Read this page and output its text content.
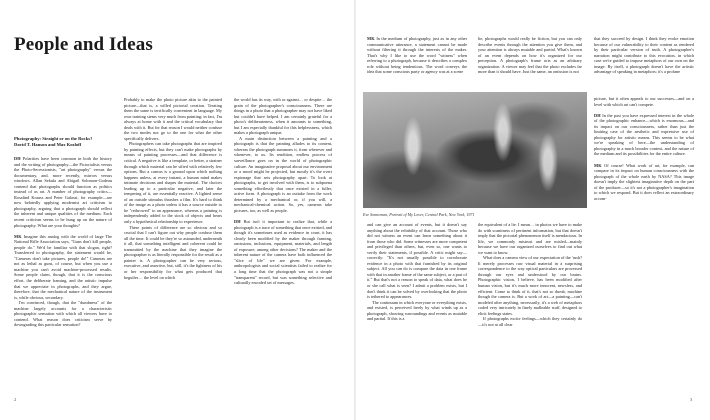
People and Ideas
Photography: Straight or on the Rocks?
David T. Hanson and Max Kozloff

DH Polarities have been common in both the history and the writing of photography—the Pictorialists versus the Photo-Secessionists, "art photography" versus the documentary, and, more recently, mirrors versus windows. Allan Sekula and Abigail Solomon-Godeau contend that photographs should function as politics instead of as art. A number of photography critics—Rosalind Krauss and Peter Galassi, for example—are now belatedly applying modernist art criticism to photography, arguing that a photograph should reflect the inherent and unique qualities of the medium. Each recent criticism seems to be hung up on the nature of photography. What are your thoughts?

MK Imagine this analog with the world of large The National Rifle Association says, "Guns don't kill people, people do." We'd be familiar with that slogan, right? Transferred to photography, the statement would be, "Cameras don't take pictures, people do!" Cameras are not as lethal as guns, of course, but when you use a machine you can't avoid machine-processed results. Some people claim, though, that it is the conscious effort, the deliberate framing, and the artistic impulse that we appreciate in photographs, and they argue, therefore, that the mechanical nature of the instrument is, while obvious, secondary.

I'm convinced, though, that the "dumbness" of the machine largely accounts for a characteristic photographic sensation with which all viewers have to contend. What reason does criticism serve by downgrading this particular sensation?

Probably to make the photo picture akin to the painted picture—that is, a willed pictorial creation. Treating them the same is terrifically convenient in language. My own training stems very much from painting; in fact, I'm always at home with it and the critical vocabulary that deals with it. But for that reason I would neither confuse the two modes nor go to the one for what the other specifically delivers.

Photographers can take photographs that are inspired by painting effects, but they can't make photographs by means of painting processes—and that difference is critical. A negative is like a template, or better, a strainer through which material can be sifted with relatively few options. But a canvas is a ground upon which nothing happens unless, at every instant, a human mind makes intimate decisions and shapes the material. The choices leading up to a particular negative, and later the tempering of it, are essentially reactive. A lighted sense of an outside stimulus thrashes a film. It's hard to think of the image as a photo unless it has a source outside to be "rethrowed" to an appearance, whereas a painting is independently added to the stock of objects and bears only a hypothetical relationship to experience.

These points of difference are so obvious and so crucial that I can't figure out why people confuse them all the time. It could be they're so astounded, underneath it all, that something intelligent and coherent could be transmitted by the machine that they imagine the photographer is as literally responsible for the result as a painter is. A photographer can be very serious, executive, and assertive, but, still, it's the lightness of his or her responsibility for what gets produced that beguiles… the level on which

the world has its way, with or against… or despite… the grain of the photographer's consciousness. There are things in a photo that a photographer may not have liked but couldn't have helped. I am certainly grateful for a photo's deliberateness, when it amounts to something, but I am especially thankful for this helplessness, which makes a photograph unique.

A main distinction between a painting and a photograph is that the painting alludes to its content, whereas the photograph summons it, from wherever and whenever, to us. Its rendition, endless process of surveillance goes on in the world of photographic culture. An imaginative proposal about our environment or a mood might be projected, but mostly it's the overt espionage that sets photography apart. To look at photographs, to get involved with them, is to subpoena something effortlessly that once existed in a fuller, active form. A photograph is an outtake from the work determined by a mechanical or, if you will, a mechanical-chemical action. So, yes, cameras take pictures, too, as well as people.

DH But isn't it important to realize that, while a photograph is a trace of something that once existed, and though it's sometimes used as evidence in court, it has clearly been modified by the maker through framing, omissions, inclusions, equipment, materials, and length of exposure, among other decisions? The maker and the inherent nature of the camera have both influenced the "slice of life" we are given. For example, anthropologists and social scientists failed to realize for a long time that the photograph was not a simple "transparent" record, but was something selective and culturally encoded set of messages.

MK In the medium of photography, just as in any other communicative utterance, a statement cannot be made without filtering it through the interests of the maker. That's why I like to use the word "witness" when referring to a photograph, because it describes a complex role without being tendentious. The word conveys the idea that some conscious party or agency was at a scene

lie, photographs would really be fiction, but you can only describe events through the attention you give them, and your attention is always mutable and partial. What's known of an event depends on how it's organized for our perception. A photograph's frame acts as an arbitrary organization. A viewer may feel that the photo excludes far more than it should have. Just the same, an omission is not

that they succeed by design. I think they evoke emotion because of our vulnerability to their content as rendered by their particular version of truth. A photographer's narration might contribute to this evocation, in which case we're guided to impose metaphors of our own on the image. By itself, a photograph doesn't have the artistic advantage of speaking in metaphors; it's a profane

Eve Sonneman, Portrait of My Lover, Central Park, New York, 1971

and can give an account of events, but it doesn't say anything about the reliability of that account. Those who did not witness an event can learn something about it from those who did. Some witnesses are more competent and privileged than others, but, even so, one wants to verify their statements, if possible. A critic might say—correctly: "It's not usually possible to corroborate evidence in a photo with that furnished by its original subject. All you can do is compare the data in one frame with that in another frame of the same subject, or a part of it." But that's not a reason to speak of data, what does he or she call what is seen? I admit a problem exists, but I don't think it can be solved by overlooking that the photo is tethered to appearances.

The continuum in which everyone or everything exists, and existed, is perceived freely by what winds up as a photograph, showing surroundings and events as mutable and partial. If this is a

the equivalent of a lie. I mean… in photos we have to make do with scantiness of pertinent information, but that doesn't imply that the pictorial phenomenon itself is mendacious. In life, we commonly mistrust and are misled—mainly because we have our organized ourselves to find out what we want to know.

What does a camera view of our expectation of the 'rush? It merely processes raw visual material in a surprising correspondence to the way optical particulars are processed through our eyes and understood by our brains. Photographic vision, I believe, has been modified after human vision, but it's much more innocent, newsless, and efficient. Come to think of it, that's not so dumb, machine though the camera is. But a work of art—a painting—can't modeled after anything, necessarily, it's a web of metaphors coded very intricately in finely malleable stuff, designed to elicit feelings states.

If photographs excite feelings—which they certainly do—it's not at all clear

picture, but it often appeals to our successes—and on a level with which art can't compete.

DH In the past you have expressed interest in the whole of the photographic enhance—which is enormous—and its impact on our consciousness, rather than just the limiting case of the aesthetic and expressive use of photography for artistic means. This seems to be what we're speaking of here—the understanding of photography in a much broader context, and the nature of the medium and its possibilities for the entire culture.

MK Of course! What work of art, for example, can compare in its impact on human consciousness with the photograph of the whole earth by NASA? This image doesn't imply the slightest imaginative depth on the part of the producer—so it's not a photographer's imagination to which we respond. But it does reflect an extraordinary accom-

2	3
